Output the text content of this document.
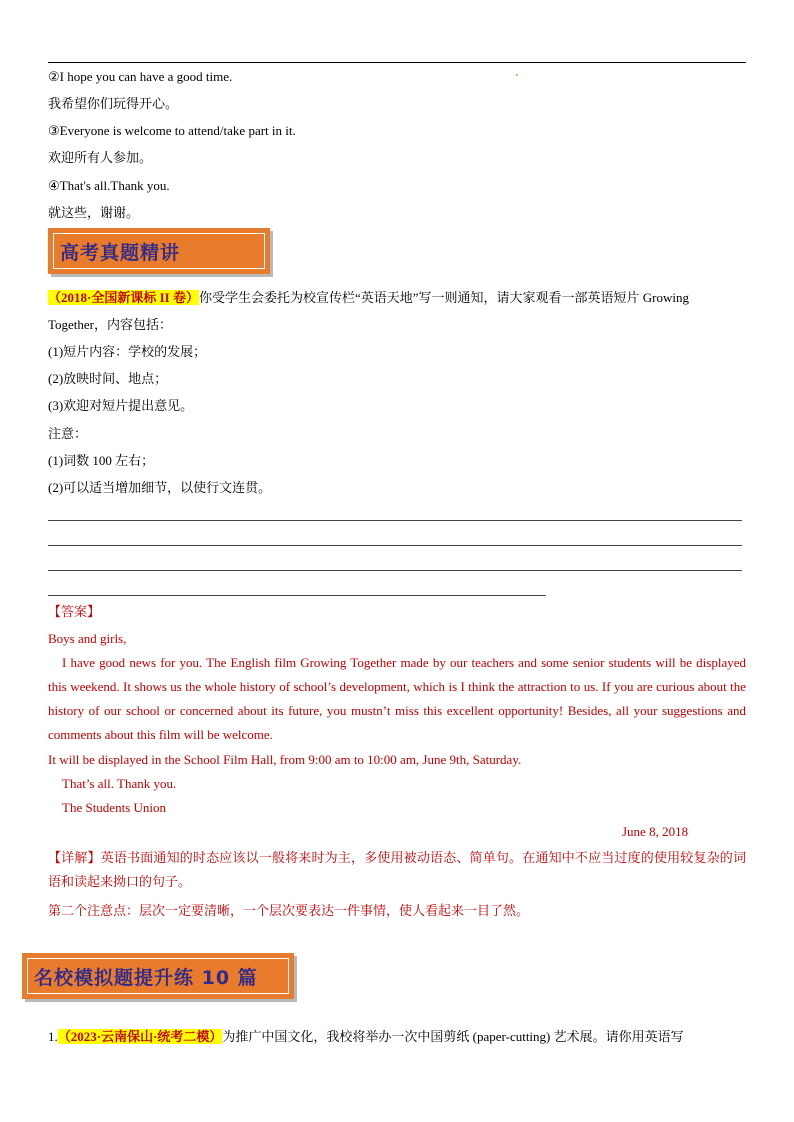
②I hope you can have a good time.
我希望你们玩得开心。
③Everyone is welcome to attend/take part in it.
欢迎所有人参加。
④That's all.Thank you.
就这些，谢谢。
高考真题精讲
（2018·全国新课标 II 卷）你受学生会委托为校宣传栏“英语天地”写一则通知，请大家观看一部英语短片 Growing
Together，内容包括：
(1)短片内容：学校的发展；
(2)放映时间、地点；
(3)欢迎对短片提出意见。
注意：
(1)词数 100 左右；
(2)可以适当增加细节，以使行文连贯。
【答案】
Boys and girls,
I have good news for you. The English film Growing Together made by our teachers and some senior students will be displayed this weekend. It shows us the whole history of school’s development, which is I think the attraction to us. If you are curious about the history of our school or concerned about its future, you mustn’t miss this excellent opportunity! Besides, all your suggestions and comments about this film will be welcome.
It will be displayed in the School Film Hall, from 9:00 am to 10:00 am, June 9th, Saturday.
That’s all. Thank you.
The Students Union
June 8, 2018
【详解】英语书面通知的时态应该以一般将来时为主，多使用被动语态、简单句。在通知中不应当过度的使用较复杂的词语和读起来拗口的句子。
第二个注意点：层次一定要清晰，一个层次要表达一件事情，使人看起来一目了然。
名校模拟题提升练 10 篇
1.（2023·云南保山·统考二模）为推广中国文化，我校将举办一次中国剪纸 (paper-cutting) 艺术展。请你用英语写
